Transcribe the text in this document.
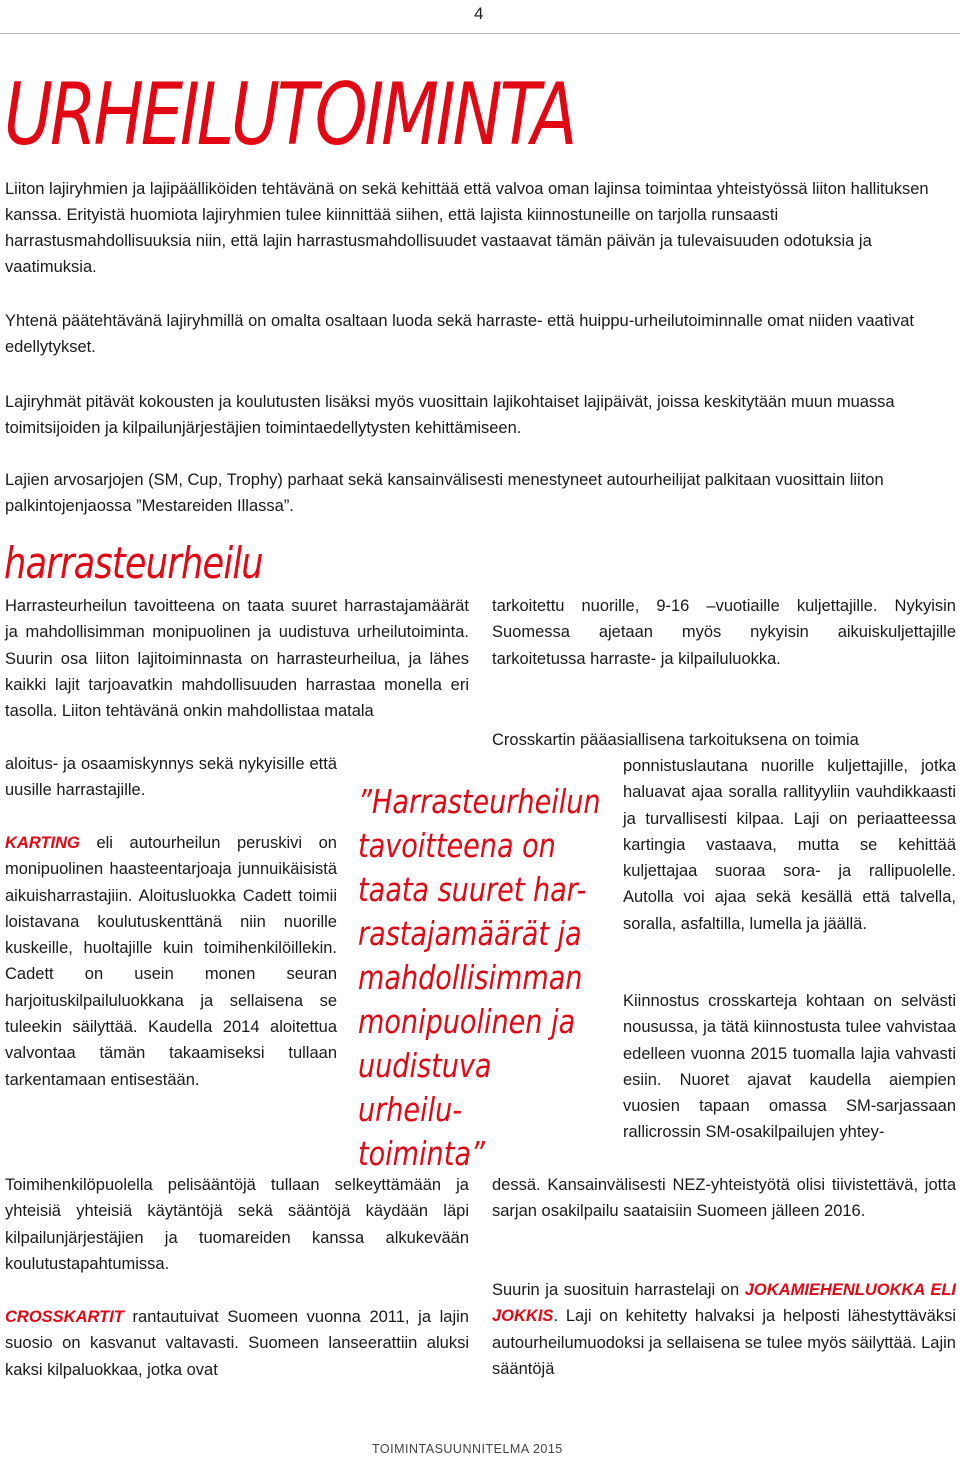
4
URHEILUTOIMINTA

Liiton lajiryhmien ja lajipäälliköiden tehtävänä on sekä kehittää että valvoa oman lajinsa toimintaa yhteistyössä liiton hallituksen kanssa. Erityistä huomiota lajiryhmien tulee kiinnittää siihen, että lajista kiinnostuneille on tarjolla runsaasti harrastusmahdollisuuksia niin, että lajin harrastusmahdollisuudet vastaavat tämän päivän ja tulevaisuuden odotuksia ja vaatimuksia.

Yhtenä päätehtävänä lajiryhmillä on omalta osaltaan luoda sekä harraste- että huippu-urheilutoiminnalle omat niiden vaativat edellytykset.

Lajiryhmät pitävät kokousten ja koulutusten lisäksi myös vuosittain lajikohtaiset lajipäivät, joissa keskitytään muun muassa toimitsijoiden ja kilpailunjärjestäjien toimintaedellytysten kehittämiseen.

Lajien arvosarjojen (SM, Cup, Trophy) parhaat sekä kansainvälisesti menestyneet autourheilijat palkitaan vuosittain liiton palkintojenjaossa ”Mestareiden Illassa”.

harrasteurheilu

Harrasteurheilun tavoitteena on taata suuret harrastajamäärät ja mahdollisimman monipuolinen ja uudistuva urheilutoiminta. Suurin osa liiton lajitoiminnasta on harrasteurheilua, ja lähes kaikki lajit tarjoavatkin mahdollisuuden harrastaa monella eri tasolla. Liiton tehtävänä onkin mahdollistaa matala

aloitus- ja osaamiskynnys sekä nykyisille että uusille harrastajille.

KARTING eli autourheilun peruskivi on monipuolinen haasteentarjoaja junnuikäisistä aikuisharrastajiin. Aloitusluokka Cadett toimii loistavana koulutuskenttänä niin nuorille kuskeille, huoltajille kuin toimihenkilöillekin. Cadett on usein monen seuran harjoituskilpailuluokkana ja sellaisena se tuleekin säilyttää. Kaudella 2014 aloitettua valvontaa tämän takaamiseksi tullaan tarkentamaan entisestään.

Toimihenkilöpuolella pelisääntöjä tullaan selkeyttämään ja yhteisiä yhteisiä käytäntöjä sekä sääntöjä käydään läpi kilpailunjärjestäjien ja tuomareiden kanssa alkukevään koulutustapahtumissa.

CROSSKARTIT rantautuivat Suomeen vuonna 2011, ja lajin suosio on kasvanut valtavasti. Suomeen lanseerattiin aluksi kaksi kilpaluokkaa, jotka ovat

”Harrasteurheilun
tavoitteena on
taata suuret har-
rastajamäärät ja
mahdollisimman
monipuolinen ja
uudistuva urheilu-
toiminta”

tarkoitettu nuorille, 9-16 –vuotiaille kuljettajille. Nykyisin Suomessa ajetaan myös nykyisin aikuiskuljettajille tarkoitetussa harraste- ja kilpailuluokka.

Crosskartin pääasiallisena tarkoituksena on toimia

ponnistuslautana nuorille kuljettajille, jotka haluavat ajaa soralla rallityyliin vauhdikkaasti ja turvallisesti kilpaa. Laji on periaatteessa kartingia vastaava, mutta se kehittää kuljettajaa suoraa sora- ja rallipuolelle. Autolla voi ajaa sekä kesällä että talvella, soralla, asfaltilla, lumella ja jäällä.

Kiinnostus crosskarteja kohtaan on selvästi nousussa, ja tätä kiinnostusta tulee vahvistaa edelleen vuonna 2015 tuomalla lajia vahvasti esiin. Nuoret ajavat kaudella aiempien vuosien tapaan omassa SM-sarjassaan rallicrossin SM-osakilpailujen yhtey-

dessä. Kansainvälisesti NEZ-yhteistyötä olisi tiivistettävä, jotta sarjan osakilpailu saataisiin Suomeen jälleen 2016.

Suurin ja suosituin harrastelaji on JOKAMIEHENLUOKKA ELI JOKKIS. Laji on kehitetty halvaksi ja helposti lähestyttäväksi autourheilumuodoksi ja sellaisena se tulee myös säilyttää. Lajin sääntöjä

TOIMINTASUUNNITELMA 2015
